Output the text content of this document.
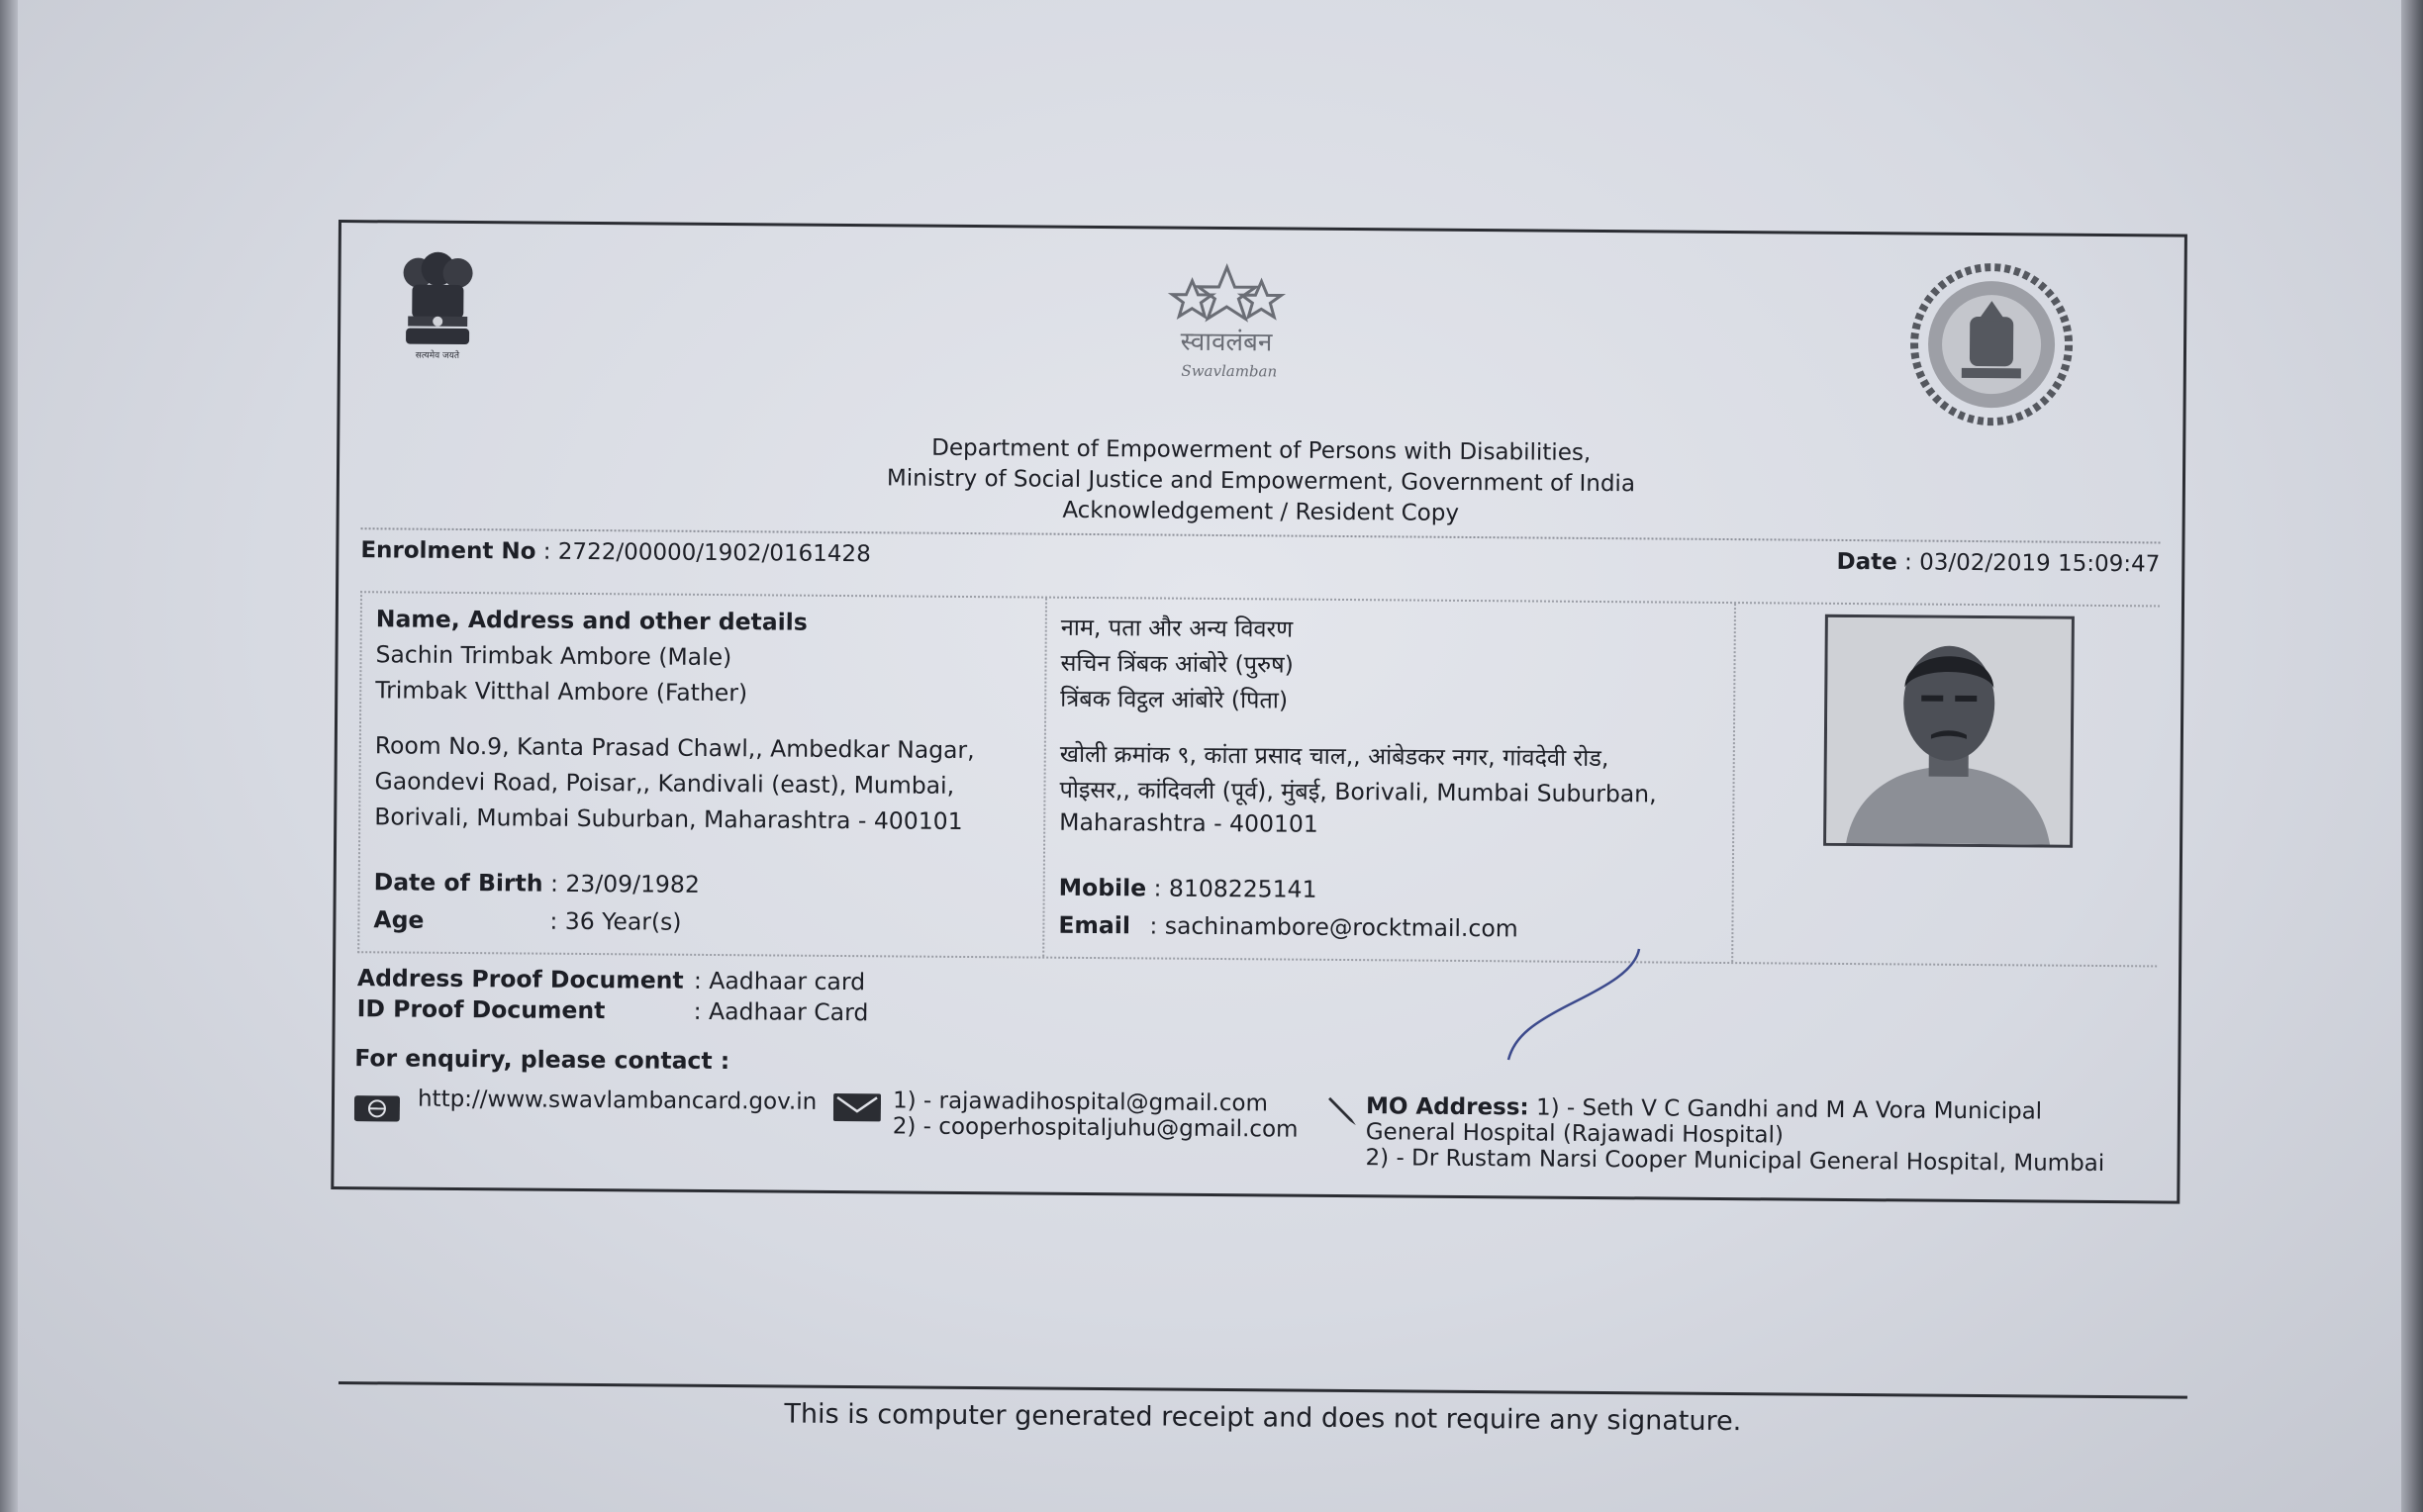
सत्यमेव जयते	स्वावलंबन
Swavlamban
Department of Empowerment of Persons with Disabilities,
Ministry of Social Justice and Empowerment, Government of India
Acknowledgement / Resident Copy
Enrolment No : 2722/00000/1902/0161428	Date : 03/02/2019 15:09:47
Name, Address and other details
Sachin Trimbak Ambore (Male)
Trimbak Vitthal Ambore (Father)
Room No.9, Kanta Prasad Chawl,, Ambedkar Nagar,
Gaondevi Road, Poisar,, Kandivali (east), Mumbai,
Borivali, Mumbai Suburban, Maharashtra - 400101
Date of Birth : 23/09/1982
Age	: 36 Year(s)
नाम, पता और अन्य विवरण
सचिन त्रिंबक आंबोरे (पुरुष)
त्रिंबक विट्ठल आंबोरे (पिता)
खोली क्रमांक ९, कांता प्रसाद चाल,, आंबेडकर नगर, गांवदेवी रोड,
पोइसर,, कांदिवली (पूर्व), मुंबई, Borivali, Mumbai Suburban,
Maharashtra - 400101
Mobile : 8108225141
Email : sachinambore@rocktmail.com
Address Proof Document : Aadhaar card
ID Proof Document	: Aadhaar Card
For enquiry, please contact :
http://www.swavlambancard.gov.in	1) - rajawadihospital@gmail.com
2) - cooperhospitaljuhu@gmail.com
MO Address: 1) - Seth V C Gandhi and M A Vora Municipal
General Hospital (Rajawadi Hospital)
2) - Dr Rustam Narsi Cooper Municipal General Hospital, Mumbai
This is computer generated receipt and does not require any signature.
